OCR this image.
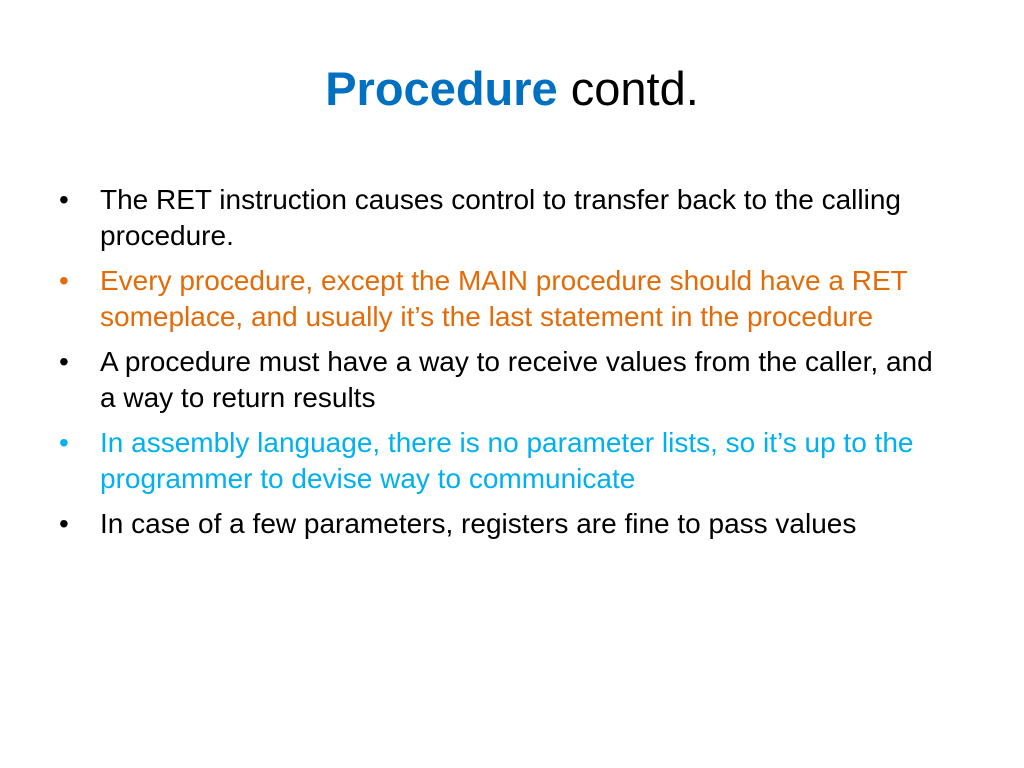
Procedure contd.
• The RET instruction causes control to transfer back to the calling procedure.
• Every procedure, except the MAIN procedure should have a RET someplace, and usually it’s the last statement in the procedure
• A procedure must have a way to receive values from the caller, and a way to return results
• In assembly language, there is no parameter lists, so it’s up to the programmer to devise way to communicate
• In case of a few parameters, registers are fine to pass values
